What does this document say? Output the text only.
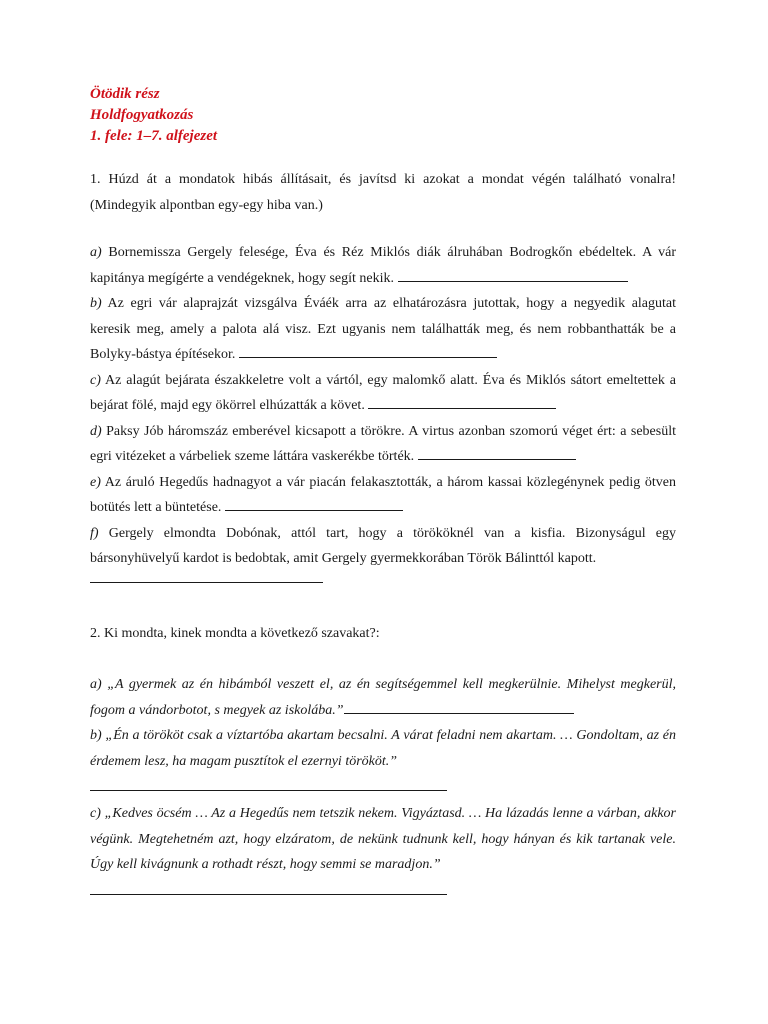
Ötödik rész
Holdfogyatkozás
1. fele: 1–7. alfejezet

1. Húzd át a mondatok hibás állításait, és javítsd ki azokat a mondat végén található vonalra! (Mindegyik alpontban egy-egy hiba van.)

a) Bornemissza Gergely felesége, Éva és Réz Miklós diák álruhában Bodrogkőn ebédeltek. A vár kapitánya megígérte a vendégeknek, hogy segít nekik.

b) Az egri vár alaprajzát vizsgálva Éváék arra az elhatározásra jutottak, hogy a negyedik alagutat keresik meg, amely a palota alá visz. Ezt ugyanis nem találhatták meg, és nem robbanthatták be a Bolyky-bástya építésekor.

c) Az alagút bejárata északkeletre volt a vártól, egy malomkő alatt. Éva és Miklós sátort emeltettek a bejárat fölé, majd egy ökörrel elhúzatták a követ.

d) Paksy Jób háromszáz emberével kicsapott a törökre. A virtus azonban szomorú véget ért: a sebesült egri vitézeket a várbeliek szeme láttára vaskerékbe törték.

e) Az áruló Hegedűs hadnagyot a vár piacán felakasztották, a három kassai közlegénynek pedig ötven botütés lett a büntetése.

f) Gergely elmondta Dobónak, attól tart, hogy a törököknél van a kisfia. Bizonyságul egy bársonyhüvelyű kardot is bedobtak, amit Gergely gyermekkorában Török Bálinttól kapott.

2. Ki mondta, kinek mondta a következő szavakat?:

a) „A gyermek az én hibámból veszett el, az én segítségemmel kell megkerülnie. Mihelyst megkerül, fogom a vándorbotot, s megyek az iskolába.”

b) „Én a törököt csak a víztartóba akartam becsalni. A várat feladni nem akartam. … Gondoltam, az én érdemem lesz, ha magam pusztítok el ezernyi törököt.”

c) „Kedves öcsém … Az a Hegedűs nem tetszik nekem. Vigyáztasd. … Ha lázadás lenne a várban, akkor végünk. Megtehetném azt, hogy elzáratom, de nekünk tudnunk kell, hogy hányan és kik tartanak vele. Úgy kell kivágnunk a rothadt részt, hogy semmi se maradjon.”
